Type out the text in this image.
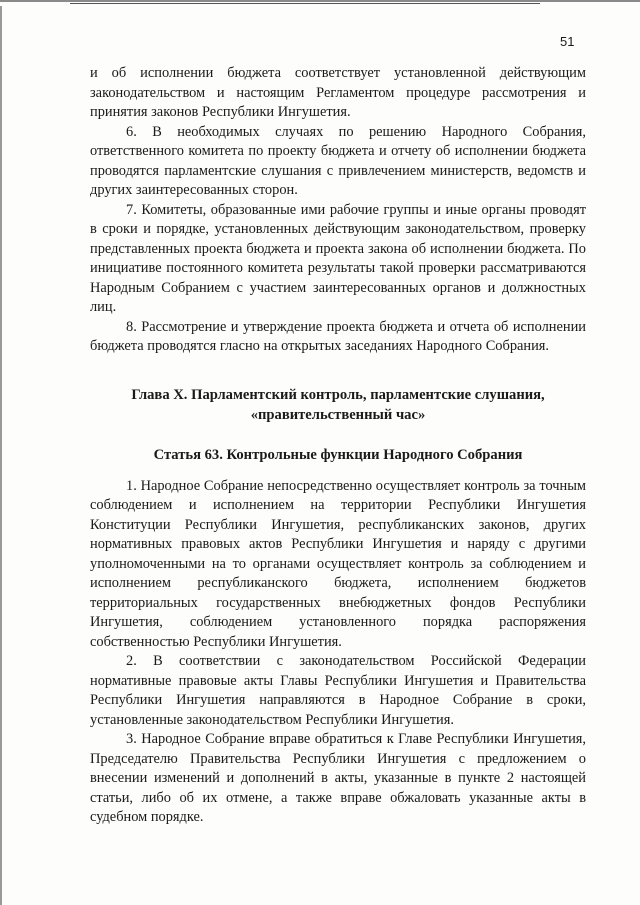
51

и об исполнении бюджета соответствует установленной действующим законодательством и настоящим Регламентом процедуре рассмотрения и принятия законов Республики Ингушетия.

6. В необходимых случаях по решению Народного Собрания, ответственного комитета по проекту бюджета и отчету об исполнении бюджета проводятся парламентские слушания с привлечением министерств, ведомств и других заинтересованных сторон.

7. Комитеты, образованные ими рабочие группы и иные органы проводят в сроки и порядке, установленных действующим законодательством, проверку представленных проекта бюджета и проекта закона об исполнении бюджета. По инициативе постоянного комитета результаты такой проверки рассматриваются Народным Собранием с участием заинтересованных органов и должностных лиц.

8. Рассмотрение и утверждение проекта бюджета и отчета об исполнении бюджета проводятся гласно на открытых заседаниях Народного Собрания.

Глава X. Парламентский контроль, парламентские слушания,
«правительственный час»
Статья 63. Контрольные функции Народного Собрания

1. Народное Собрание непосредственно осуществляет контроль за точным соблюдением и исполнением на территории Республики Ингушетия Конституции Республики Ингушетия, республиканских законов, других нормативных правовых актов Республики Ингушетия и наряду с другими уполномоченными на то органами осуществляет контроль за соблюдением и исполнением республиканского бюджета, исполнением бюджетов территориальных государственных внебюджетных фондов Республики Ингушетия, соблюдением установленного порядка распоряжения собственностью Республики Ингушетия.

2. В соответствии с законодательством Российской Федерации нормативные правовые акты Главы Республики Ингушетия и Правительства Республики Ингушетия направляются в Народное Собрание в сроки, установленные законодательством Республики Ингушетия.

3. Народное Собрание вправе обратиться к Главе Республики Ингушетия, Председателю Правительства Республики Ингушетия с предложением о внесении изменений и дополнений в акты, указанные в пункте 2 настоящей статьи, либо об их отмене, а также вправе обжаловать указанные акты в судебном порядке.
